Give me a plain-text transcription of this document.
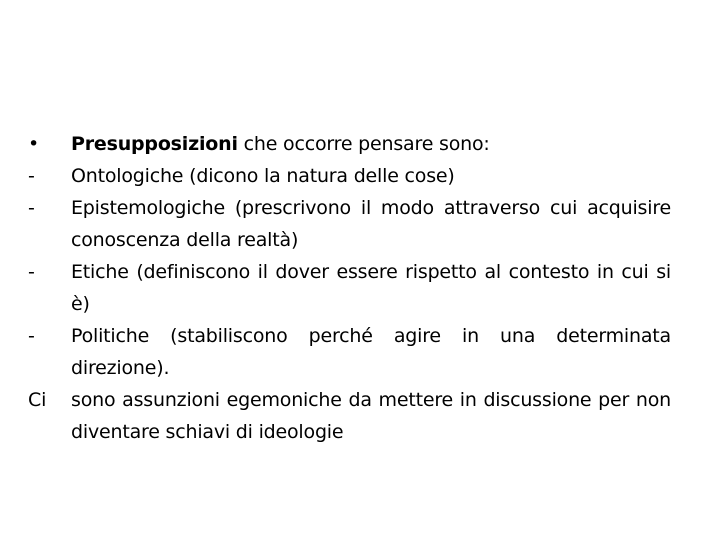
•	Presupposizioni che occorre pensare sono:
-	Ontologiche (dicono la natura delle cose)
-	Epistemologiche (prescrivono il modo attraverso cui acquisire conoscenza della realtà)
-	Etiche (definiscono il dover essere rispetto al contesto in cui si è)
-	Politiche (stabiliscono perché agire in una determinata direzione).
Ci	sono assunzioni egemoniche da mettere in discussione per non diventare schiavi di ideologie
